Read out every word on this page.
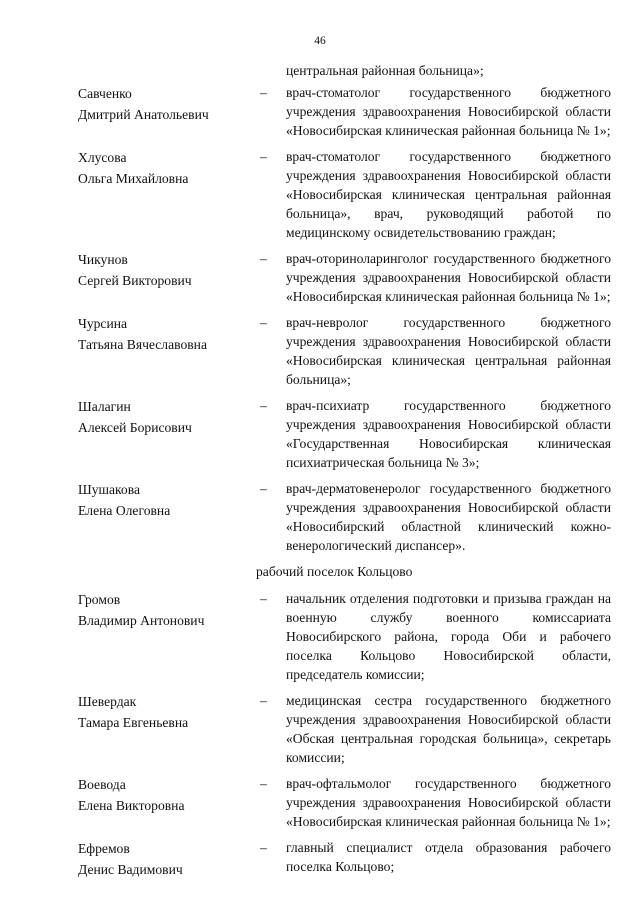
46
центральная районная больница»;
Савченко
Дмитрий Анатольевич
–	врач-стоматолог государственного бюджетного учреждения здравоохранения Новосибирской области «Новосибирская клиническая районная больница № 1»;
Хлусова
Ольга Михайловна
–	врач-стоматолог государственного бюджетного учреждения здравоохранения Новосибирской области «Новосибирская клиническая центральная районная больница», врач, руководящий работой по медицинскому освидетельствованию граждан;
Чикунов
Сергей Викторович
–	врач-оториноларинголог государственного бюджетного учреждения здравоохранения Новосибирской области «Новосибирская клиническая районная больница № 1»;
Чурсина
Татьяна Вячеславовна
–	врач-невролог государственного бюджетного учреждения здравоохранения Новосибирской области «Новосибирская клиническая центральная районная больница»;
Шалагин
Алексей Борисович
–	врач-психиатр государственного бюджетного учреждения здравоохранения Новосибирской области «Государственная Новосибирская клиническая психиатрическая больница № 3»;
Шушакова
Елена Олеговна
–	врач-дерматовенеролог государственного бюджетного учреждения здравоохранения Новосибирской области «Новосибирский областной клинический кожно-венерологический диспансер».
рабочий поселок Кольцово
Громов
Владимир Антонович
–	начальник отделения подготовки и призыва граждан на военную службу военного комиссариата Новосибирского района, города Оби и рабочего поселка Кольцово Новосибирской области, председатель комиссии;
Шевердак
Тамара Евгеньевна
–	медицинская сестра государственного бюджетного учреждения здравоохранения Новосибирской области «Обская центральная городская больница», секретарь комиссии;
Воевода
Елена Викторовна
–	врач-офтальмолог государственного бюджетного учреждения здравоохранения Новосибирской области «Новосибирская клиническая районная больница № 1»;
Ефремов
Денис Вадимович
–	главный специалист отдела образования рабочего поселка Кольцово;
